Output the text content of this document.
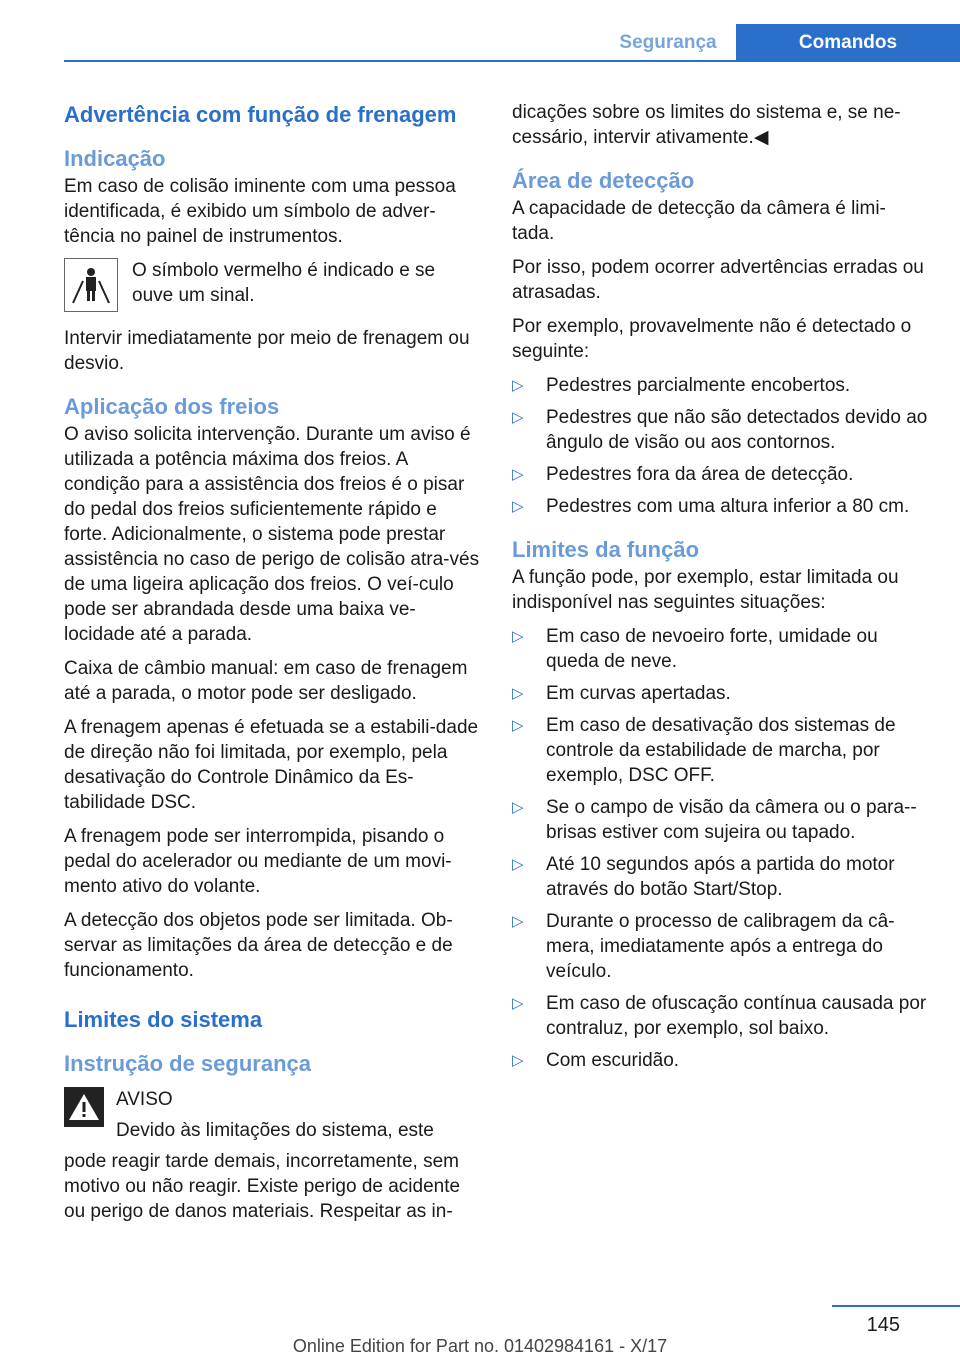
Segurança	Comandos
Advertência com função de frenagem
Indicação

Em caso de colisão iminente com uma pessoa identificada, é exibido um símbolo de adver-tência no painel de instrumentos.

O símbolo vermelho é indicado e se ouve um sinal.

Intervir imediatamente por meio de frenagem ou desvio.

Aplicação dos freios

O aviso solicita intervenção. Durante um aviso é utilizada a potência máxima dos freios. A condição para a assistência dos freios é o pisar do pedal dos freios suficientemente rápido e forte. Adicionalmente, o sistema pode prestar assistência no caso de perigo de colisão atra-vés de uma ligeira aplicação dos freios. O veí-culo pode ser abrandada desde uma baixa ve-locidade até a parada.

Caixa de câmbio manual: em caso de frenagem até a parada, o motor pode ser desligado.

A frenagem apenas é efetuada se a estabili-dade de direção não foi limitada, por exemplo, pela desativação do Controle Dinâmico da Es-tabilidade DSC.

A frenagem pode ser interrompida, pisando o pedal do acelerador ou mediante de um movi-mento ativo do volante.

A detecção dos objetos pode ser limitada. Ob-servar as limitações da área de detecção e de funcionamento.

Limites do sistema
Instrução de segurança

AVISO

Devido às limitações do sistema, este

pode reagir tarde demais, incorretamente, sem motivo ou não reagir. Existe perigo de acidente ou perigo de danos materiais. Respeitar as in-

dicações sobre os limites do sistema e, se ne-cessário, intervir ativamente.◀

Área de detecção

A capacidade de detecção da câmera é limi-tada.

Por isso, podem ocorrer advertências erradas ou atrasadas.

Por exemplo, provavelmente não é detectado o seguinte:

▷	Pedestres parcialmente encobertos.
▷	Pedestres que não são detectados devido ao ângulo de visão ou aos contornos.
▷	Pedestres fora da área de detecção.
▷	Pedestres com uma altura inferior a 80 cm.
Limites da função

A função pode, por exemplo, estar limitada ou indisponível nas seguintes situações:

▷	Em caso de nevoeiro forte, umidade ou queda de neve.
▷	Em curvas apertadas.
▷	Em caso de desativação dos sistemas de controle da estabilidade de marcha, por exemplo, DSC OFF.
▷	Se o campo de visão da câmera ou o para--brisas estiver com sujeira ou tapado.
▷	Até 10 segundos após a partida do motor através do botão Start/Stop.
▷	Durante o processo de calibragem da câ-mera, imediatamente após a entrega do veículo.
▷	Em caso de ofuscação contínua causada por contraluz, por exemplo, sol baixo.
▷	Com escuridão.
145
Online Edition for Part no. 01402984161 - X/17
